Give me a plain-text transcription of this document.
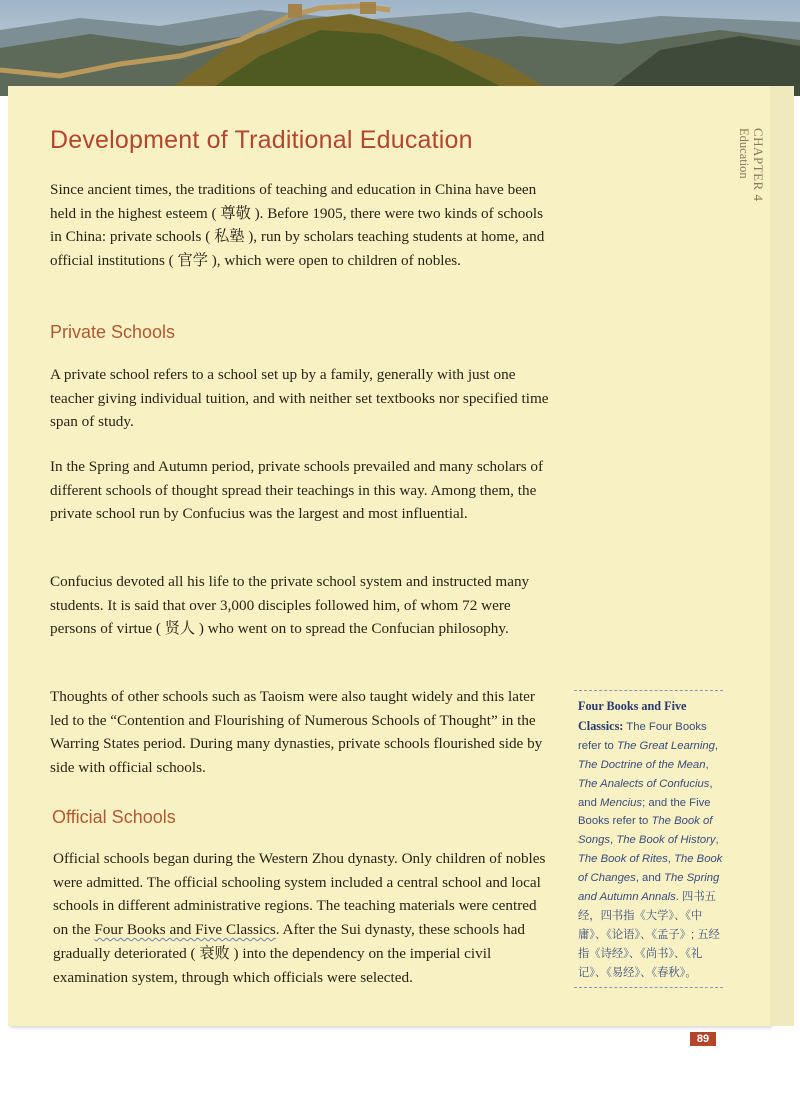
CHAPTER 4
Education
Development of Traditional Education

Since ancient times, the traditions of teaching and education in China have been held in the highest esteem ( 尊敬 ). Before 1905, there were two kinds of schools in China: private schools ( 私塾 ), run by scholars teaching students at home, and official institutions ( 官学 ), which were open to children of nobles.

Private Schools

A private school refers to a school set up by a family, generally with just one teacher giving individual tuition, and with neither set textbooks nor specified time span of study.

In the Spring and Autumn period, private schools prevailed and many scholars of different schools of thought spread their teachings in this way. Among them, the private school run by Confucius was the largest and most influential.

Confucius devoted all his life to the private school system and instructed many students. It is said that over 3,000 disciples followed him, of whom 72 were persons of virtue ( 贤人 ) who went on to spread the Confucian philosophy.

Thoughts of other schools such as Taoism were also taught widely and this later led to the “Contention and Flourishing of Numerous Schools of Thought” in the Warring States period. During many dynasties, private schools flourished side by side with official schools.

Official Schools

Official schools began during the Western Zhou dynasty. Only children of nobles were admitted. The official schooling system included a central school and local schools in different administrative regions. The teaching materials were centred on the Four Books and Five Classics. After the Sui dynasty, these schools had gradually deteriorated ( 衰败 ) into the dependency on the imperial civil examination system, through which officials were selected.

Four Books and Five Classics: The Four Books refer to The Great Learning, The Doctrine of the Mean, The Analects of Confucius, and Mencius; and the Five Books refer to The Book of Songs, The Book of History, The Book of Rites, The Book of Changes, and The Spring and Autumn Annals. 四书五经，四书指《大学》、《中庸》、《论语》、《孟子》; 五经指《诗经》、《尚书》、《礼记》、《易经》、《春秋》。
89
